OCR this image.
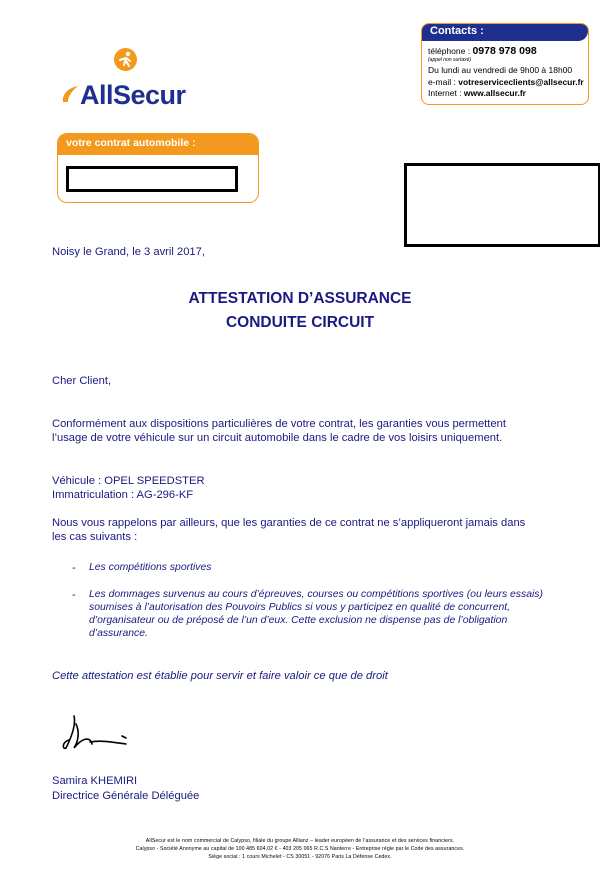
AllSecur
Contacts :
téléphone : 0978 978 098
(appel non surtaxé)
Du lundi au vendredi de 9h00 à 18h00
e-mail : votreserviceclients@allsecur.fr
Internet : www.allsecur.fr
votre contrat automobile :
Noisy le Grand, le 3 avril 2017,
ATTESTATION D’ASSURANCE
CONDUITE CIRCUIT
Cher Client,
Conformément aux dispositions particulières de votre contrat, les garanties vous permettent
l’usage de votre véhicule sur un circuit automobile dans le cadre de vos loisirs uniquement.
Véhicule : OPEL SPEEDSTER
Immatriculation : AG-296-KF
Nous vous rappelons par ailleurs, que les garanties de ce contrat ne s’appliqueront jamais dans
les cas suivants :
- Les compétitions sportives
- Les dommages survenus au cours d’épreuves, courses ou compétitions sportives (ou leurs essais)
soumises à l’autorisation des Pouvoirs Publics si vous y participez en qualité de concurrent,
d’organisateur ou de préposé de l’un d’eux. Cette exclusion ne dispense pas de l’obligation
d’assurance.
Cette attestation est établie pour servir et faire valoir ce que de droit
Samira KHEMIRI
Directrice Générale Déléguée
AllSecur est le nom commercial de Calypso, filiale du groupe Allianz – leader européen de l’assurance et des services financiers.
Calypso - Société Anonyme au capital de 100 485 604,02 € - 403 205 065 R.C.S Nanterre - Entreprise régie par le Code des assurances.
Siège social : 1 cours Michelet - CS 30051 - 92076 Paris La Défense Cedex.
